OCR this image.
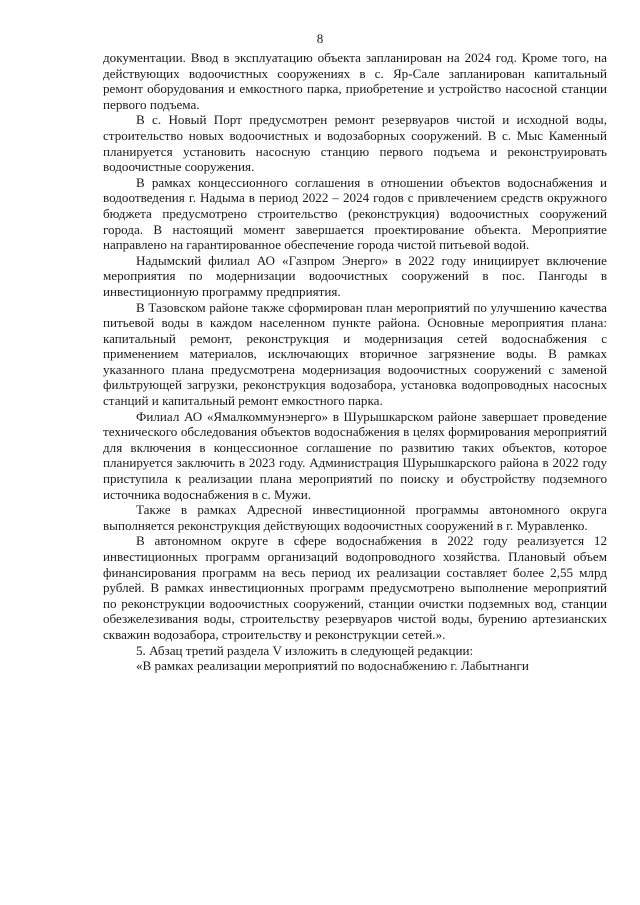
8

документации. Ввод в эксплуатацию объекта запланирован на 2024 год. Кроме того, на действующих водоочистных сооружениях в с. Яр-Сале запланирован капитальный ремонт оборудования и емкостного парка, приобретение и устройство насосной станции первого подъема.

В с. Новый Порт предусмотрен ремонт резервуаров чистой и исходной воды, строительство новых водоочистных и водозаборных сооружений. В с. Мыс Каменный планируется установить насосную станцию первого подъема и реконструировать водоочистные сооружения.

В рамках концессионного соглашения в отношении объектов водоснабжения и водоотведения г. Надыма в период 2022 – 2024 годов с привлечением средств окружного бюджета предусмотрено строительство (реконструкция) водоочистных сооружений города. В настоящий момент завершается проектирование объекта. Мероприятие направлено на гарантированное обеспечение города чистой питьевой водой.

Надымский филиал АО «Газпром Энерго» в 2022 году инициирует включение мероприятия по модернизации водоочистных сооружений в пос. Пангоды в инвестиционную программу предприятия.

В Тазовском районе также сформирован план мероприятий по улучшению качества питьевой воды в каждом населенном пункте района. Основные мероприятия плана: капитальный ремонт, реконструкция и модернизация сетей водоснабжения с применением материалов, исключающих вторичное загрязнение воды. В рамках указанного плана предусмотрена модернизация водоочистных сооружений с заменой фильтрующей загрузки, реконструкция водозабора, установка водопроводных насосных станций и капитальный ремонт емкостного парка.

Филиал АО «Ямалкоммунэнерго» в Шурышкарском районе завершает проведение технического обследования объектов водоснабжения в целях формирования мероприятий для включения в концессионное соглашение по развитию таких объектов, которое планируется заключить в 2023 году. Администрация Шурышкарского района в 2022 году приступила к реализации плана мероприятий по поиску и обустройству подземного источника водоснабжения в с. Мужи.

Также в рамках Адресной инвестиционной программы автономного округа выполняется реконструкция действующих водоочистных сооружений в г. Муравленко.

В автономном округе в сфере водоснабжения в 2022 году реализуется 12 инвестиционных программ организаций водопроводного хозяйства. Плановый объем финансирования программ на весь период их реализации составляет более 2,55 млрд рублей. В рамках инвестиционных программ предусмотрено выполнение мероприятий по реконструкции водоочистных сооружений, станции очистки подземных вод, станции обезжелезивания воды, строительству резервуаров чистой воды, бурению артезианских скважин водозабора, строительству и реконструкции сетей.».

5. Абзац третий раздела V изложить в следующей редакции:

«В рамках реализации мероприятий по водоснабжению г. Лабытнанги
